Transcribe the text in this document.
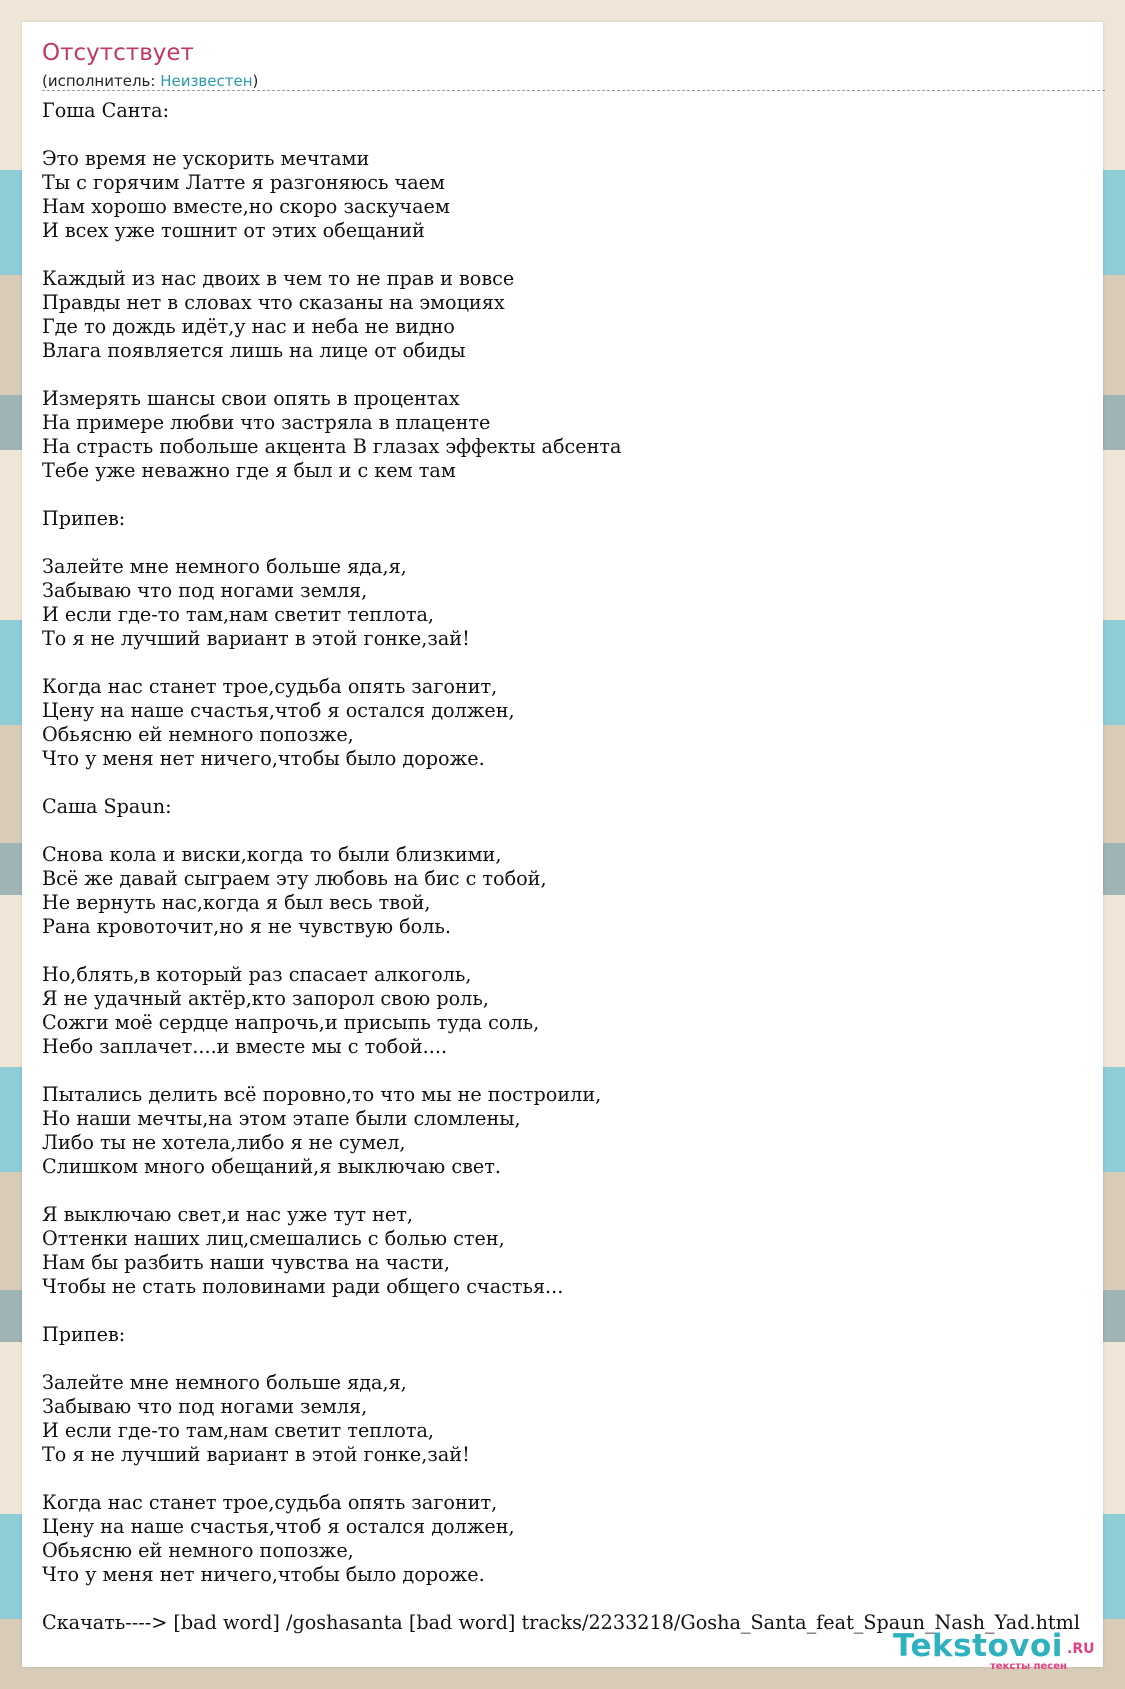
Отсутствует
(исполнитель: Неизвестен)
Гоша Санта:

Это время не ускорить мечтами
Ты с горячим Латте я разгоняюсь чаем
Нам хорошо вместе,но скоро заскучаем
И всех уже тошнит от этих обещаний

Каждый из нас двоих в чем то не прав и вовсе
Правды нет в словах что сказаны на эмоциях
Где то дождь идёт,у нас и неба не видно
Влага появляется лишь на лице от обиды

Измерять шансы свои опять в процентах
На примере любви что застряла в плаценте
На страсть побольше акцента В глазах эффекты абсента
Тебе уже неважно где я был и с кем там

Припев:

Залейте мне немного больше яда,я,
Забываю что под ногами земля,
И если где-то там,нам светит теплота,
То я не лучший вариант в этой гонке,зай!

Когда нас станет трое,судьба опять загонит,
Цену на наше счастья,чтоб я остался должен,
Обьясню ей немного попозже,
Что у меня нет ничего,чтобы было дороже.

Саша Spaun:

Снова кола и виски,когда то были близкими,
Всё же давай сыграем эту любовь на бис с тобой,
Не вернуть нас,когда я был весь твой,
Рана кровоточит,но я не чувствую боль.

Но,блять,в который раз спасает алкоголь,
Я не удачный актёр,кто запорол свою роль,
Сожги моё сердце напрочь,и присыпь туда соль,
Небо заплачет....и вместе мы с тобой....

Пытались делить всё поровно,то что мы не построили,
Но наши мечты,на этом этапе были сломлены,
Либо ты не хотела,либо я не сумел,
Слишком много обещаний,я выключаю свет.

Я выключаю свет,и нас уже тут нет,
Оттенки наших лиц,смешались с болью стен,
Нам бы разбить наши чувства на части,
Чтобы не стать половинами ради общего счастья...

Припев:

Залейте мне немного больше яда,я,
Забываю что под ногами земля,
И если где-то там,нам светит теплота,
То я не лучший вариант в этой гонке,зай!

Когда нас станет трое,судьба опять загонит,
Цену на наше счастья,чтоб я остался должен,
Обьясню ей немного попозже,
Что у меня нет ничего,чтобы было дороже.
Скачать----> [bad word] /goshasanta [bad word] tracks/2233218/Gosha_Santa_feat_Spaun_Nash_Yad.html
Tekstovoi .RU
тексты песен
